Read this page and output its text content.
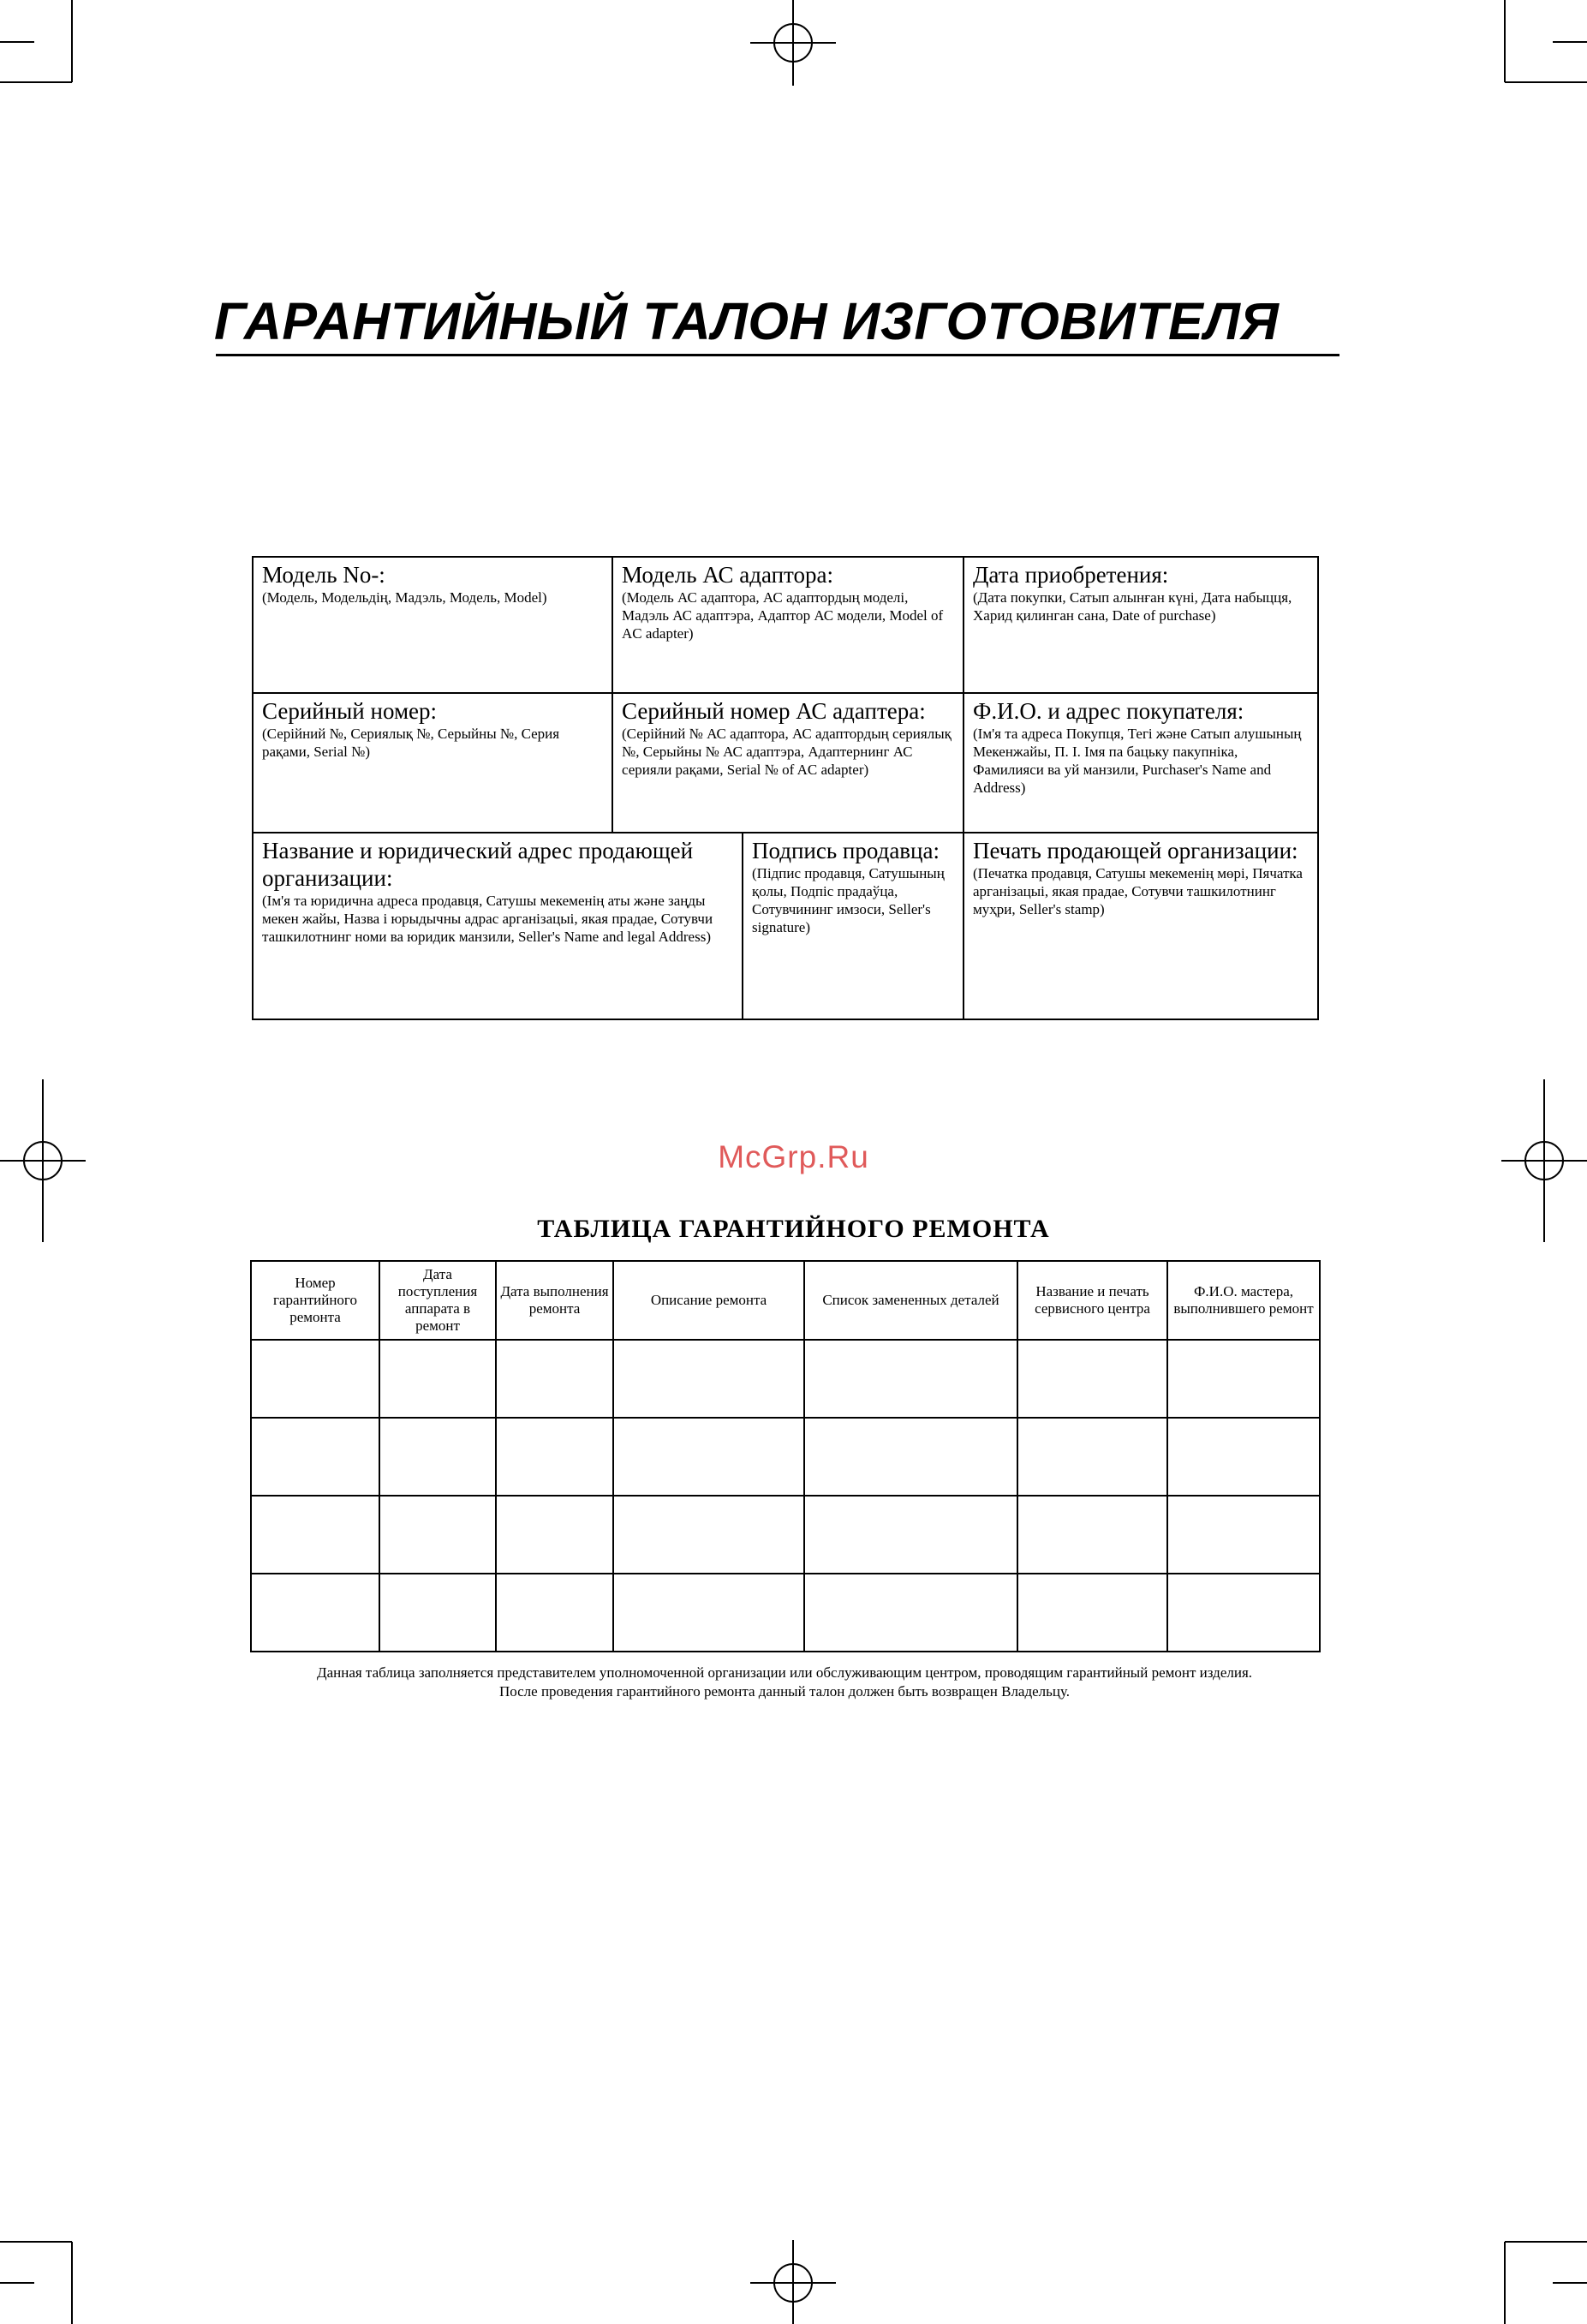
ГАРАНТИЙНЫЙ ТАЛОН ИЗГОТОВИТЕЛЯ
Модель No-:
(Модель, Модельдің, Мадэль, Модель, Model)
Модель АС адаптора:
(Модель АС адаптора, АС адаптордың моделі, Мадэль АС адаптэра, Адаптор АС модели, Model of AC adapter)
Дата приобретения:
(Дата покупки, Сатып алынған күні, Дата набыцця, Харид қилинган сана, Date of purchase)
Серийный номер:
(Серійний №, Сериялық №, Серыйны №, Серия рақами, Serial №)
Серийный номер АС адаптера:
(Серійний № АС адаптора, АС адаптордың сериялық №, Серыйны № АС адаптэра, Адаптернинг АС серияли рақами, Serial № of AC adapter)
Ф.И.О. и адрес покупателя:
(Ім'я та адреса Покупця, Тегі және Сатып алушының Мекенжайы, П. І. Імя па бацьку пакупніка, Фамилияси ва уй манзили, Purchaser's Name and Address)
Название и юридический адрес продающей организации:
(Ім'я та юридична адреса продавця, Сатушы мекеменің аты және заңды мекен жайы, Назва і юрыдычны адрас арганізацыі, якая прадае, Сотувчи ташкилотнинг номи ва юридик манзили, Seller's Name and legal Address)
Подпись продавца:
(Підпис продавця, Сатушының қолы, Подпіс прадаўца, Сотувчининг имзоси, Seller's signature)
Печать продающей организации:
(Печатка продавця, Сатушы мекеменің мөрі, Пячатка арганізацыі, якая прадае, Сотувчи ташкилотнинг муҳри, Seller's stamp)
McGrp.Ru
ТАБЛИЦА ГАРАНТИЙНОГО РЕМОНТА
Номер гарантийного ремонта	Дата поступления аппарата в ремонт	Дата выполнения ремонта	Описание ремонта	Список замененных деталей	Название и печать сервисного центра	Ф.И.О. мастера, выполнившего ремонт

Данная таблица заполняется представителем уполномоченной организации или обслуживающим центром, проводящим гарантийный ремонт изделия.
После проведения гарантийного ремонта данный талон должен быть возвращен Владельцу.
